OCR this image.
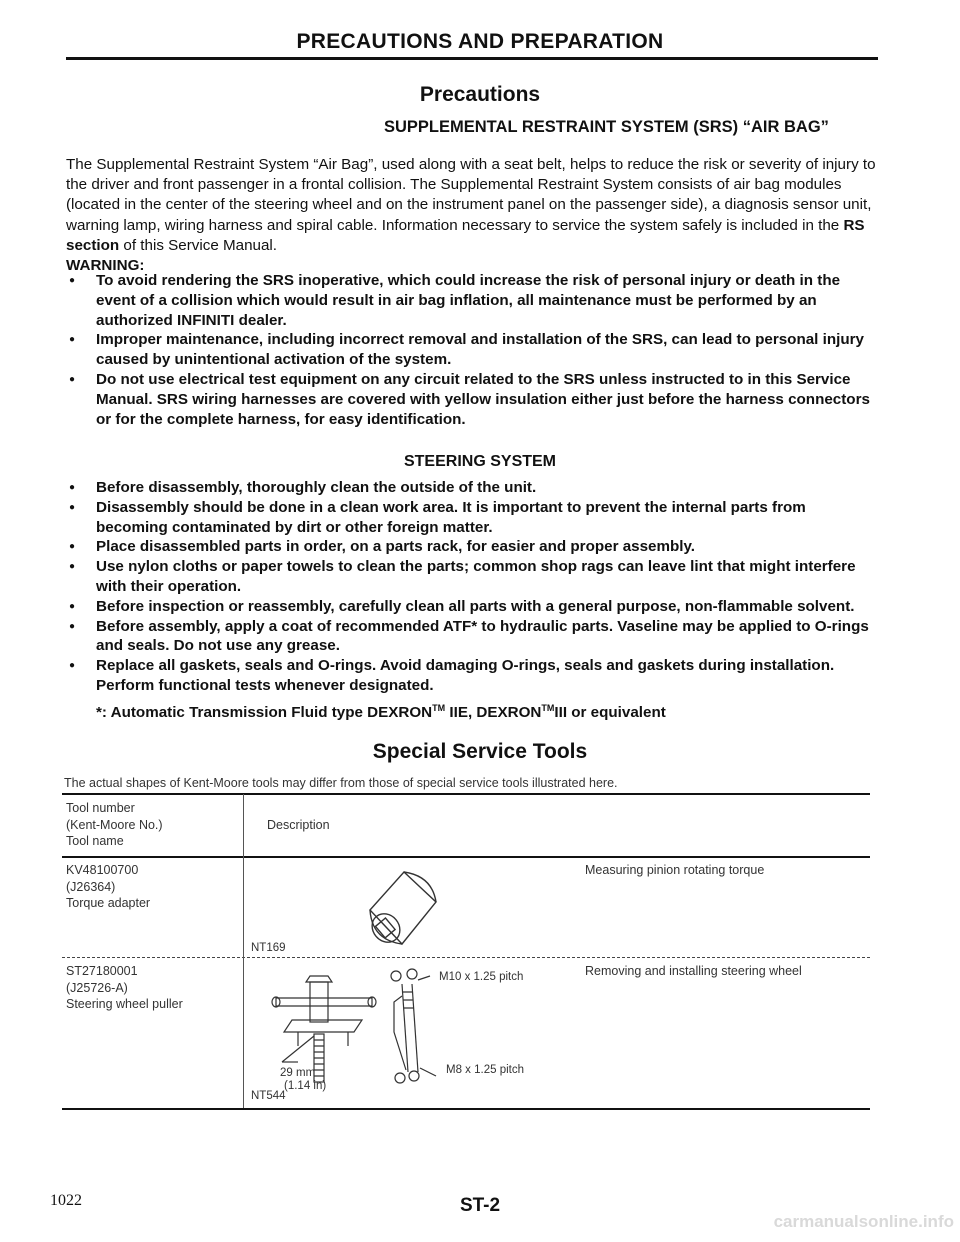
PRECAUTIONS AND PREPARATION
Precautions
SUPPLEMENTAL RESTRAINT SYSTEM (SRS) “AIR BAG”
The Supplemental Restraint System “Air Bag”, used along with a seat belt, helps to reduce the risk or severity of injury to the driver and front passenger in a frontal collision. The Supplemental Restraint System consists of air bag modules (located in the center of the steering wheel and on the instrument panel on the passenger side), a diagnosis sensor unit, warning lamp, wiring harness and spiral cable. Information necessary to service the system safely is included in the RS section of this Service Manual.
WARNING:
● To avoid rendering the SRS inoperative, which could increase the risk of personal injury or death in the event of a collision which would result in air bag inflation, all maintenance must be performed by an authorized INFINITI dealer.
● Improper maintenance, including incorrect removal and installation of the SRS, can lead to personal injury caused by unintentional activation of the system.
● Do not use electrical test equipment on any circuit related to the SRS unless instructed to in this Service Manual. SRS wiring harnesses are covered with yellow insulation either just before the harness connectors or for the complete harness, for easy identification.
STEERING SYSTEM
● Before disassembly, thoroughly clean the outside of the unit.
● Disassembly should be done in a clean work area. It is important to prevent the internal parts from becoming contaminated by dirt or other foreign matter.
● Place disassembled parts in order, on a parts rack, for easier and proper assembly.
● Use nylon cloths or paper towels to clean the parts; common shop rags can leave lint that might interfere with their operation.
● Before inspection or reassembly, carefully clean all parts with a general purpose, non-flammable solvent.
● Before assembly, apply a coat of recommended ATF* to hydraulic parts. Vaseline may be applied to O-rings and seals. Do not use any grease.
● Replace all gaskets, seals and O-rings. Avoid damaging O-rings, seals and gaskets during installation. Perform functional tests whenever designated.
*: Automatic Transmission Fluid type DEXRON™ IIE, DEXRON™III or equivalent
Special Service Tools
The actual shapes of Kent-Moore tools may differ from those of special service tools illustrated here.
Tool number
(Kent-Moore No.)
Tool name
Description
KV48100700
(J26364)
Torque adapter
Measuring pinion rotating torque
NT169
ST27180001
(J25726-A)
Steering wheel puller
Removing and installing steering wheel
NT544
M10 x 1.25 pitch
M8 x 1.25 pitch
29 mm
(1.14 in)
1022	ST-2
carmanualsonline.info
